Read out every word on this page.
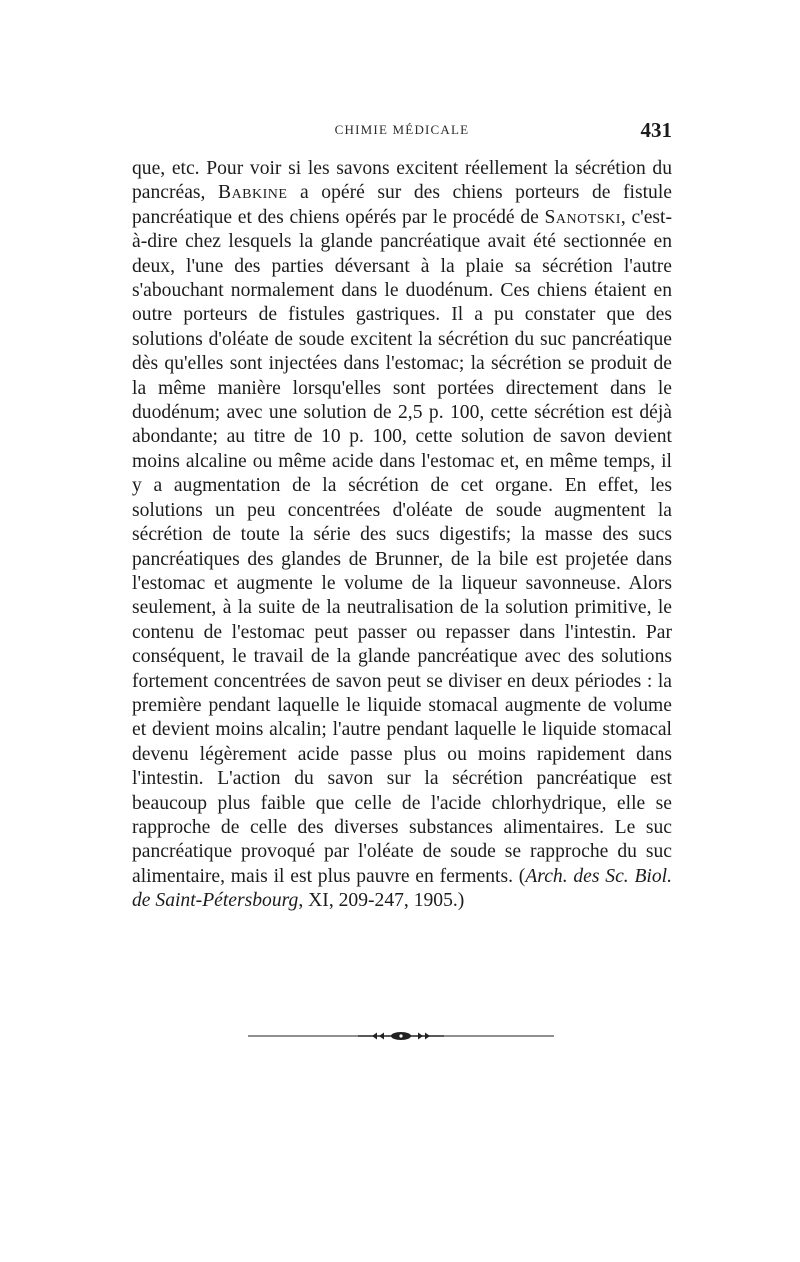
CHIMIE MÉDICALE	431

que, etc. Pour voir si les savons excitent réellement la sécrétion du pancréas, Babkine a opéré sur des chiens porteurs de fistule pancréatique et des chiens opérés par le procédé de Sanotski, c'est-à-dire chez lesquels la glande pancréatique avait été sectionnée en deux, l'une des parties déversant à la plaie sa sécrétion l'autre s'abouchant normalement dans le duodénum. Ces chiens étaient en outre porteurs de fistules gastriques. Il a pu constater que des solutions d'oléate de soude excitent la sécrétion du suc pancréatique dès qu'elles sont injectées dans l'estomac; la sécrétion se produit de la même manière lorsqu'elles sont portées directement dans le duodénum; avec une solution de 2,5 p. 100, cette sécrétion est déjà abondante; au titre de 10 p. 100, cette solution de savon devient moins alcaline ou même acide dans l'estomac et, en même temps, il y a augmentation de la sécrétion de cet organe. En effet, les solutions un peu concentrées d'oléate de soude augmentent la sécrétion de toute la série des sucs digestifs; la masse des sucs pancréatiques des glandes de Brunner, de la bile est projetée dans l'estomac et augmente le volume de la liqueur savonneuse. Alors seulement, à la suite de la neutralisation de la solution primitive, le contenu de l'estomac peut passer ou repasser dans l'intestin. Par conséquent, le travail de la glande pancréatique avec des solutions fortement concentrées de savon peut se diviser en deux périodes : la première pendant laquelle le liquide stomacal augmente de volume et devient moins alcalin; l'autre pendant laquelle le liquide stomacal devenu légèrement acide passe plus ou moins rapidement dans l'intestin. L'action du savon sur la sécrétion pancréatique est beaucoup plus faible que celle de l'acide chlorhydrique, elle se rapproche de celle des diverses substances alimentaires. Le suc pancréatique provoqué par l'oléate de soude se rapproche du suc alimentaire, mais il est plus pauvre en ferments. (Arch. des Sc. Biol. de Saint-Pétersbourg, XI, 209-247, 1905.)
